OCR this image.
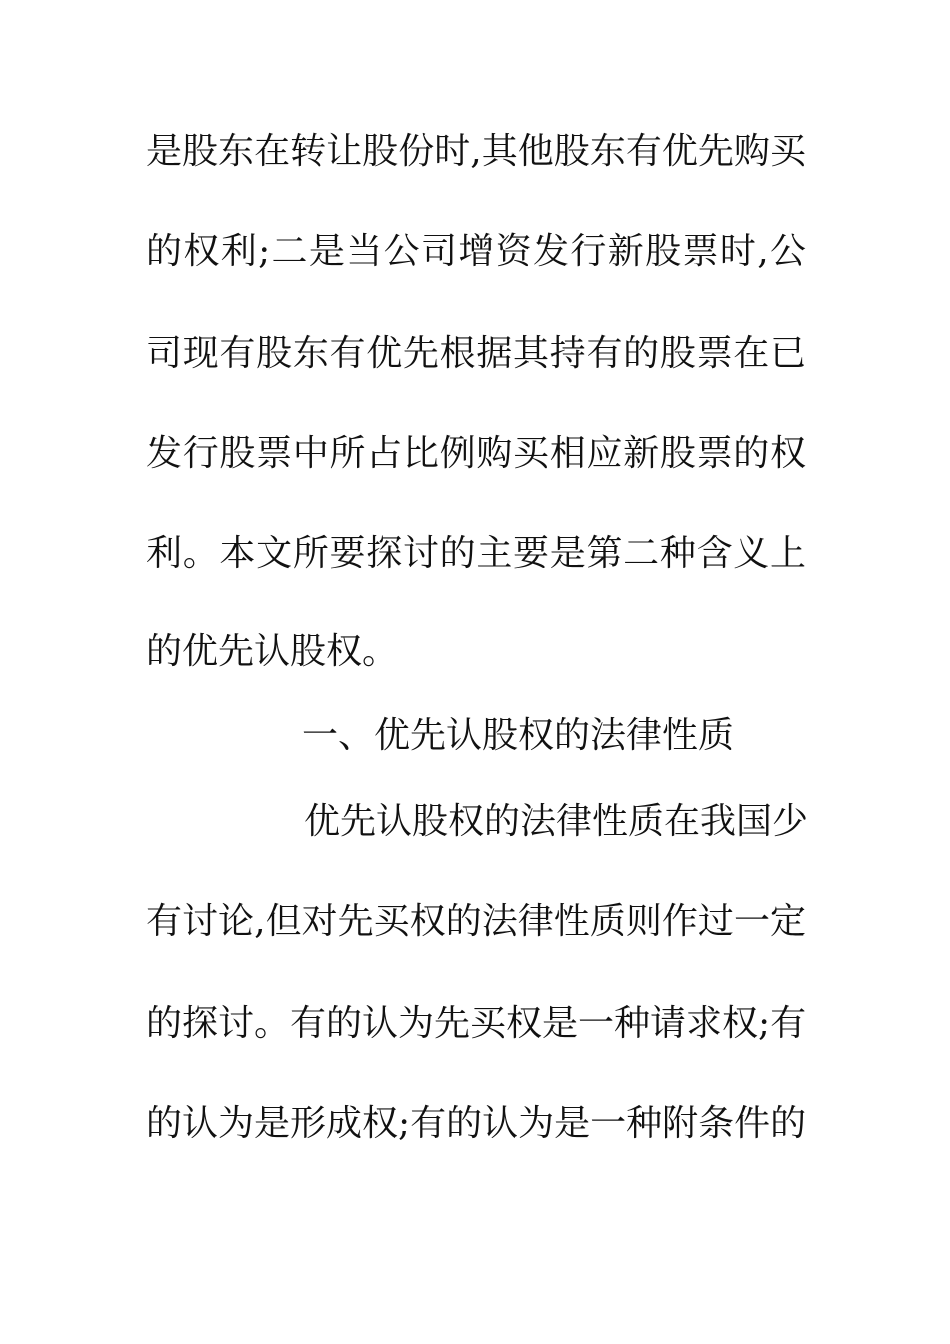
是股东在转让股份时,其他股东有优先购买
的权利;二是当公司增资发行新股票时,公
司现有股东有优先根据其持有的股票在已
发行股票中所占比例购买相应新股票的权
利。本文所要探讨的主要是第二种含义上
的优先认股权。
一、优先认股权的法律性质
优先认股权的法律性质在我国少
有讨论,但对先买权的法律性质则作过一定
的探讨。有的认为先买权是一种请求权;有
的认为是形成权;有的认为是一种附条件的
